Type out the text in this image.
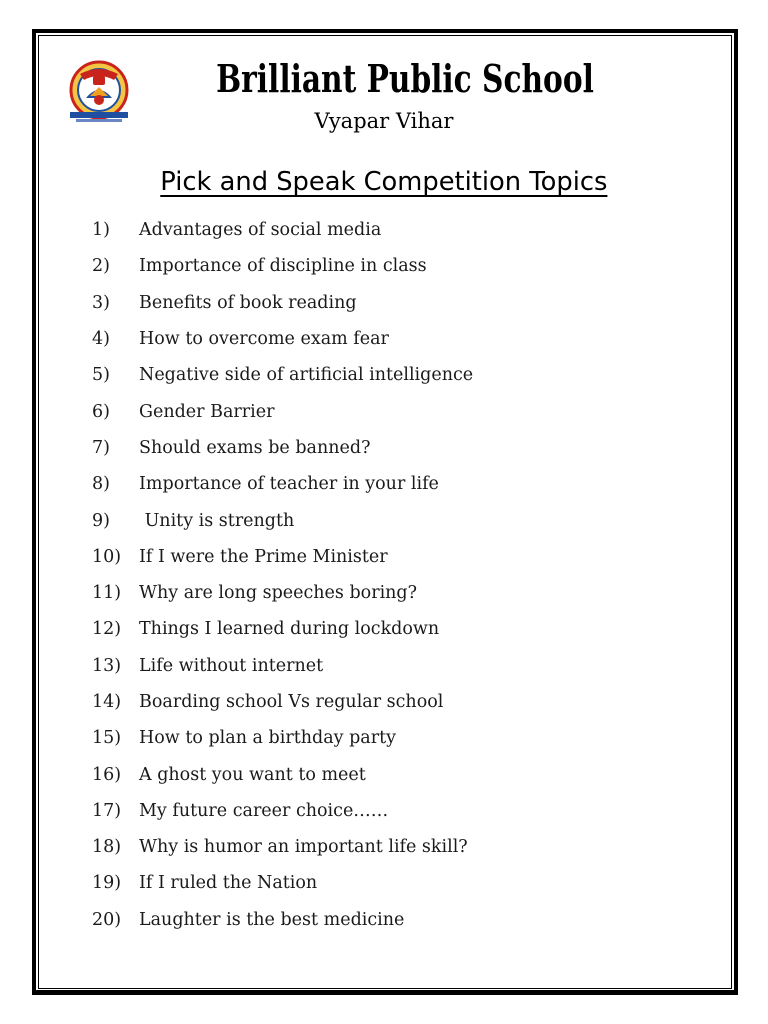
Brilliant Public School
Vyapar Vihar
Pick and Speak Competition Topics
1)	Advantages of social media
2)	Importance of discipline in class
3)	Benefits of book reading
4)	How to overcome exam fear
5)	Negative side of artificial intelligence
6)	Gender Barrier
7)	Should exams be banned?
8)	Importance of teacher in your life
9)	Unity is strength
10)	If I were the Prime Minister
11)	Why are long speeches boring?
12)	Things I learned during lockdown
13)	Life without internet
14)	Boarding school Vs regular school
15)	How to plan a birthday party
16)	A ghost you want to meet
17)	My future career choice……
18)	Why is humor an important life skill?
19)	If I ruled the Nation
20)	Laughter is the best medicine
